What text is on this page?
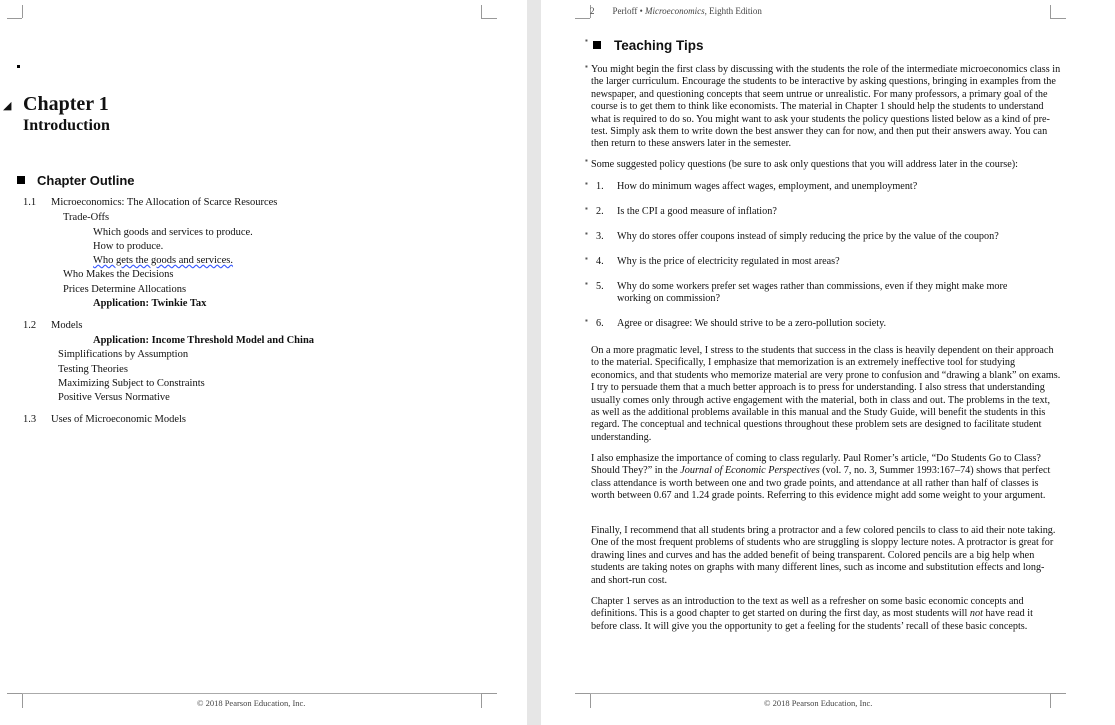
◢ Chapter 1
Introduction
Chapter Outline
1.1 Microeconomics: The Allocation of Scarce Resources
Trade-Offs
Which goods and services to produce.
How to produce.
Who gets the goods and services.
Who Makes the Decisions
Prices Determine Allocations
Application: Twinkie Tax
1.2 Models
Application: Income Threshold Model and China
Simplifications by Assumption
Testing Theories
Maximizing Subject to Constraints
Positive Versus Normative
1.3 Uses of Microeconomic Models
© 2018 Pearson Education, Inc.
2 Perloff • Microeconomics, Eighth Edition
Teaching Tips
▪
You might begin the first class by discussing with the students the role of the intermediate microeconomics class in the larger curriculum. Encourage the students to be interactive by asking questions, bringing in examples from the newspaper, and questioning concepts that seem untrue or unrealistic. For many professors, a primary goal of the course is to get them to think like economists. The material in Chapter 1 should help the students to understand what is required to do so. You might want to ask your students the policy questions listed below as a kind of pre-test. Simply ask them to write down the best answer they can for now, and then put their answers away. You can then return to these answers later in the semester.
▪
Some suggested policy questions (be sure to ask only questions that you will address later in the course):
▪
1. How do minimum wages affect wages, employment, and unemployment?
▪
2. Is the CPI a good measure of inflation?
▪
3. Why do stores offer coupons instead of simply reducing the price by the value of the coupon?
▪
4. Why is the price of electricity regulated in most areas?
▪
5. Why do some workers prefer set wages rather than commissions, even if they might make more working on commission?
▪
6. Agree or disagree: We should strive to be a zero-pollution society.
▪
On a more pragmatic level, I stress to the students that success in the class is heavily dependent on their approach to the material. Specifically, I emphasize that memorization is an extremely ineffective tool for studying economics, and that students who memorize material are very prone to confusion and “drawing a blank” on exams. I try to persuade them that a much better approach is to press for understanding. I also stress that understanding usually comes only through active engagement with the material, both in class and out. The problems in the text, as well as the additional problems available in this manual and the Study Guide, will benefit the students in this regard. The conceptual and technical questions throughout these problem sets are designed to facilitate student understanding.
I also emphasize the importance of coming to class regularly. Paul Romer’s article, “Do Students Go to Class? Should They?” in the Journal of Economic Perspectives (vol. 7, no. 3, Summer 1993:167–74) shows that perfect class attendance is worth between one and two grade points, and attendance at all rather than half of classes is worth between 0.67 and 1.24 grade points. Referring to this evidence might add some weight to your argument.
Finally, I recommend that all students bring a protractor and a few colored pencils to class to aid their note taking. One of the most frequent problems of students who are struggling is sloppy lecture notes. A protractor is great for drawing lines and curves and has the added benefit of being transparent. Colored pencils are a big help when students are taking notes on graphs with many different lines, such as income and substitution effects and long- and short-run cost.
Chapter 1 serves as an introduction to the text as well as a refresher on some basic economic concepts and definitions. This is a good chapter to get started on during the first day, as most students will not have read it before class. It will give you the opportunity to get a feeling for the students’ recall of these basic concepts.
© 2018 Pearson Education, Inc.
